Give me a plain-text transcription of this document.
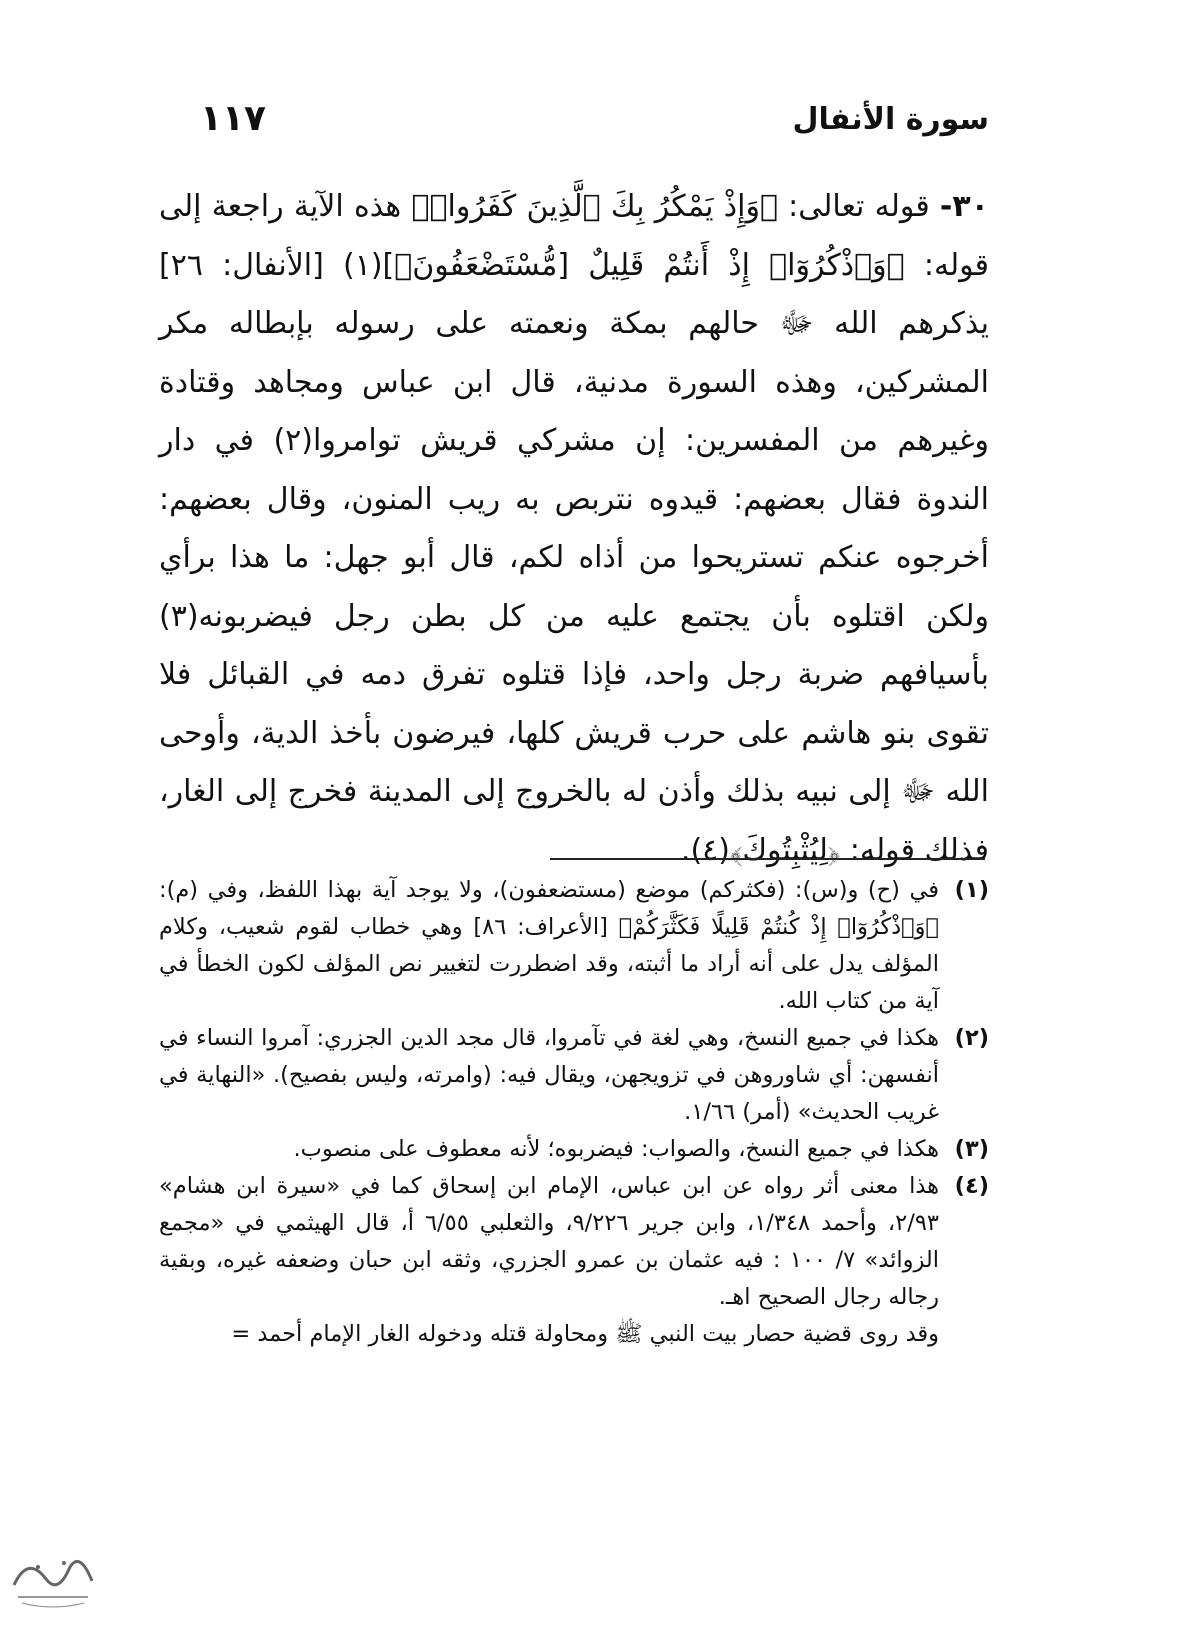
سورة الأنفال
١١٧

٣٠- قوله تعالى: ﴿وَإِذْ يَمْكُرُ بِكَ ٱلَّذِينَ كَفَرُوا۟﴾ هذه الآية راجعة إلى قوله: ﴿وَٱذْكُرُوٓا۟ إِذْ أَنتُمْ قَلِيلٌ [مُّسْتَضْعَفُونَ﴾](١) [الأنفال: ٢٦] يذكرهم الله ﷻ حالهم بمكة ونعمته على رسوله بإبطاله مكر المشركين، وهذه السورة مدنية، قال ابن عباس ومجاهد وقتادة وغيرهم من المفسرين: إن مشركي قريش توامروا(٢) في دار الندوة فقال بعضهم: قيدوه نتربص به ريب المنون، وقال بعضهم: أخرجوه عنكم تستريحوا من أذاه لكم، قال أبو جهل: ما هذا برأي ولكن اقتلوه بأن يجتمع عليه من كل بطن رجل فيضربونه(٣) بأسيافهم ضربة رجل واحد، فإذا قتلوه تفرق دمه في القبائل فلا تقوى بنو هاشم على حرب قريش كلها، فيرضون بأخذ الدية، وأوحى الله ﷻ إلى نبيه بذلك وأذن له بالخروج إلى المدينة فخرج إلى الغار، فذلك قوله: ﴿لِيُثْبِتُوكَ﴾(٤).

(١)
في (ح) و(س): (فكثركم) موضع (مستضعفون)، ولا يوجد آية بهذا اللفظ، وفي (م): ﴿وَٱذْكُرُوٓا۟ إِذْ كُنتُمْ قَلِيلًا فَكَثَّرَكُمْ﴾ [الأعراف: ٨٦] وهي خطاب لقوم شعيب، وكلام المؤلف يدل على أنه أراد ما أثبته، وقد اضطررت لتغيير نص المؤلف لكون الخطأ في آية من كتاب الله.

(٢)
هكذا في جميع النسخ، وهي لغة في تآمروا، قال مجد الدين الجزري: آمروا النساء في أنفسهن: أي شاوروهن في تزويجهن، ويقال فيه: (وامرته، وليس بفصيح). «النهاية في غريب الحديث» (أمر) ١/٦٦.

(٣)
هكذا في جميع النسخ، والصواب: فيضربوه؛ لأنه معطوف على منصوب.

(٤)
هذا معنى أثر رواه عن ابن عباس، الإمام ابن إسحاق كما في «سيرة ابن هشام» ٢/٩٣، وأحمد ١/٣٤٨، وابن جرير ٩/٢٢٦، والثعلبي ٦/٥٥ أ، قال الهيثمي في «مجمع الزوائد» ٧/ ١٠٠ : فيه عثمان بن عمرو الجزري، وثقه ابن حبان وضعفه غيره، وبقية رجاله رجال الصحيح اهـ.

وقد روى قضية حصار بيت النبي ﷺ ومحاولة قتله ودخوله الغار الإمام أحمد =
